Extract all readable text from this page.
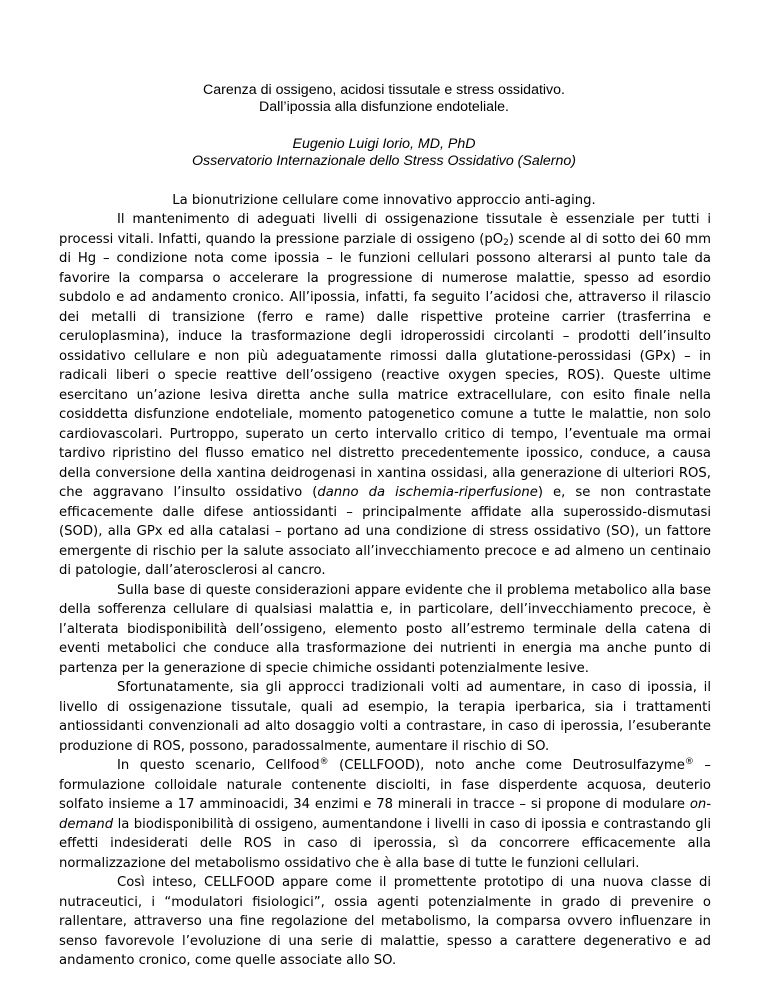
Carenza di ossigeno, acidosi tissutale e stress ossidativo.
Dall’ipossia alla disfunzione endoteliale.
Eugenio Luigi Iorio, MD, PhD
Osservatorio Internazionale dello Stress Ossidativo (Salerno)
La bionutrizione cellulare come innovativo approccio anti-aging.

Il mantenimento di adeguati livelli di ossigenazione tissutale è essenziale per tutti i processi vitali. Infatti, quando la pressione parziale di ossigeno $(pO_2)$ scende al di sotto dei 60 mm di Hg – condizione nota come ipossia – le funzioni cellulari possono alterarsi al punto tale da favorire la comparsa o accelerare la progressione di numerose malattie, spesso ad esordio subdolo e ad andamento cronico. All’ipossia, infatti, fa seguito l’acidosi che, attraverso il rilascio dei metalli di transizione (ferro e rame) dalle rispettive proteine carrier (trasferrina e ceruloplasmina), induce la trasformazione degli idroperossidi circolanti – prodotti dell’insulto ossidativo cellulare e non più adeguatamente rimossi dalla glutatione-perossidasi (GPx) – in radicali liberi o specie reattive dell’ossigeno (reactive oxygen species, ROS). Queste ultime esercitano un’azione lesiva diretta anche sulla matrice extracellulare, con esito finale nella cosiddetta disfunzione endoteliale, momento patogenetico comune a tutte le malattie, non solo cardiovascolari. Purtroppo, superato un certo intervallo critico di tempo, l’eventuale ma ormai tardivo ripristino del flusso ematico nel distretto precedentemente ipossico, conduce, a causa della conversione della xantina deidrogenasi in xantina ossidasi, alla generazione di ulteriori ROS, che aggravano l’insulto ossidativo (danno da ischemia-riperfusione) e, se non contrastate efficacemente dalle difese antiossidanti – principalmente affidate alla superossido-dismutasi (SOD), alla GPx ed alla catalasi – portano ad una condizione di stress ossidativo (SO), un fattore emergente di rischio per la salute associato all’invecchiamento precoce e ad almeno un centinaio di patologie, dall’aterosclerosi al cancro.

Sulla base di queste considerazioni appare evidente che il problema metabolico alla base della sofferenza cellulare di qualsiasi malattia e, in particolare, dell’invecchiamento precoce, è l’alterata biodisponibilità dell’ossigeno, elemento posto all’estremo terminale della catena di eventi metabolici che conduce alla trasformazione dei nutrienti in energia ma anche punto di partenza per la generazione di specie chimiche ossidanti potenzialmente lesive.

Sfortunatamente, sia gli approcci tradizionali volti ad aumentare, in caso di ipossia, il livello di ossigenazione tissutale, quali ad esempio, la terapia iperbarica, sia i trattamenti antiossidanti convenzionali ad alto dosaggio volti a contrastare, in caso di iperossia, l’esuberante produzione di ROS, possono, paradossalmente, aumentare il rischio di SO.

In questo scenario, Cellfood® (CELLFOOD), noto anche come Deutrosulfazyme® – formulazione colloidale naturale contenente disciolti, in fase disperdente acquosa, deuterio solfato insieme a 17 amminoacidi, 34 enzimi e 78 minerali in tracce – si propone di modulare on-demand la biodisponibilità di ossigeno, aumentandone i livelli in caso di ipossia e contrastando gli effetti indesiderati delle ROS in caso di iperossia, sì da concorrere efficacemente alla normalizzazione del metabolismo ossidativo che è alla base di tutte le funzioni cellulari.

Così inteso, CELLFOOD appare come il promettente prototipo di una nuova classe di nutraceutici, i “modulatori fisiologici”, ossia agenti potenzialmente in grado di prevenire o rallentare, attraverso una fine regolazione del metabolismo, la comparsa ovvero influenzare in senso favorevole l’evoluzione di una serie di malattie, spesso a carattere degenerativo e ad andamento cronico, come quelle associate allo SO.
